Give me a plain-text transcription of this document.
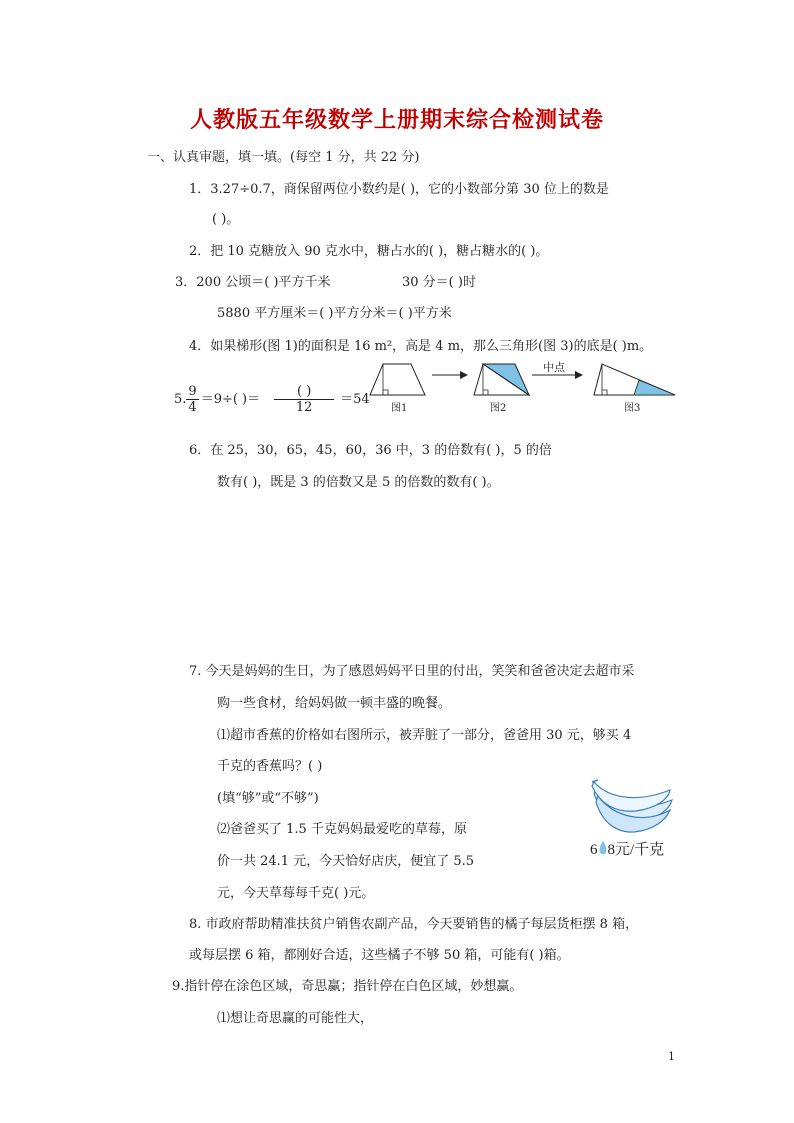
人教版五年级数学上册期末综合检测试卷
一、认真审题，填一填。(每空 1 分，共 22 分)
1．3.27÷0.7，商保留两位小数约是( )，它的小数部分第 30 位上的数是
( )。
2．把 10 克糖放入 90 克水中，糖占水的( )，糖占糖水的( )。
3．200 公顷＝( )平方千米	30 分＝( )时
5880 平方厘米＝( )平方分米＝( )平方米
4．如果梯形(图 1)的面积是 16 m²，高是 4 m，那么三角形(图 3)的底是( )m。
中点
图1	图2	图3
5. $\frac{9}{4} =9\div$( )＝ $\frac{( )}{12} =54$
6．在 25，30，65，45，60，36 中，3 的倍数有( )，5 的倍
数有( )，既是 3 的倍数又是 5 的倍数的数有( )。
7. 今天是妈妈的生日，为了感恩妈妈平日里的付出，笑笑和爸爸决定去超市采
购一些食材，给妈妈做一顿丰盛的晚餐。
⑴超市香蕉的价格如右图所示，被弄脏了一部分，爸爸用 30 元，够买 4
千克的香蕉吗？( )
(填“够”或“不够”)
⑵爸爸买了 1.5 千克妈妈最爱吃的草莓，原
价一共 24.1 元，今天恰好店庆，便宜了 5.5
元，今天草莓每千克( )元。
6 8元/千克
8. 市政府帮助精准扶贫户销售农副产品，今天要销售的橘子每层货柜摆 8 箱，
或每层摆 6 箱，都刚好合适，这些橘子不够 50 箱，可能有( )箱。
9.指针停在涂色区域，奇思赢；指针停在白色区域，妙想赢。
⑴想让奇思赢的可能性大，
1
